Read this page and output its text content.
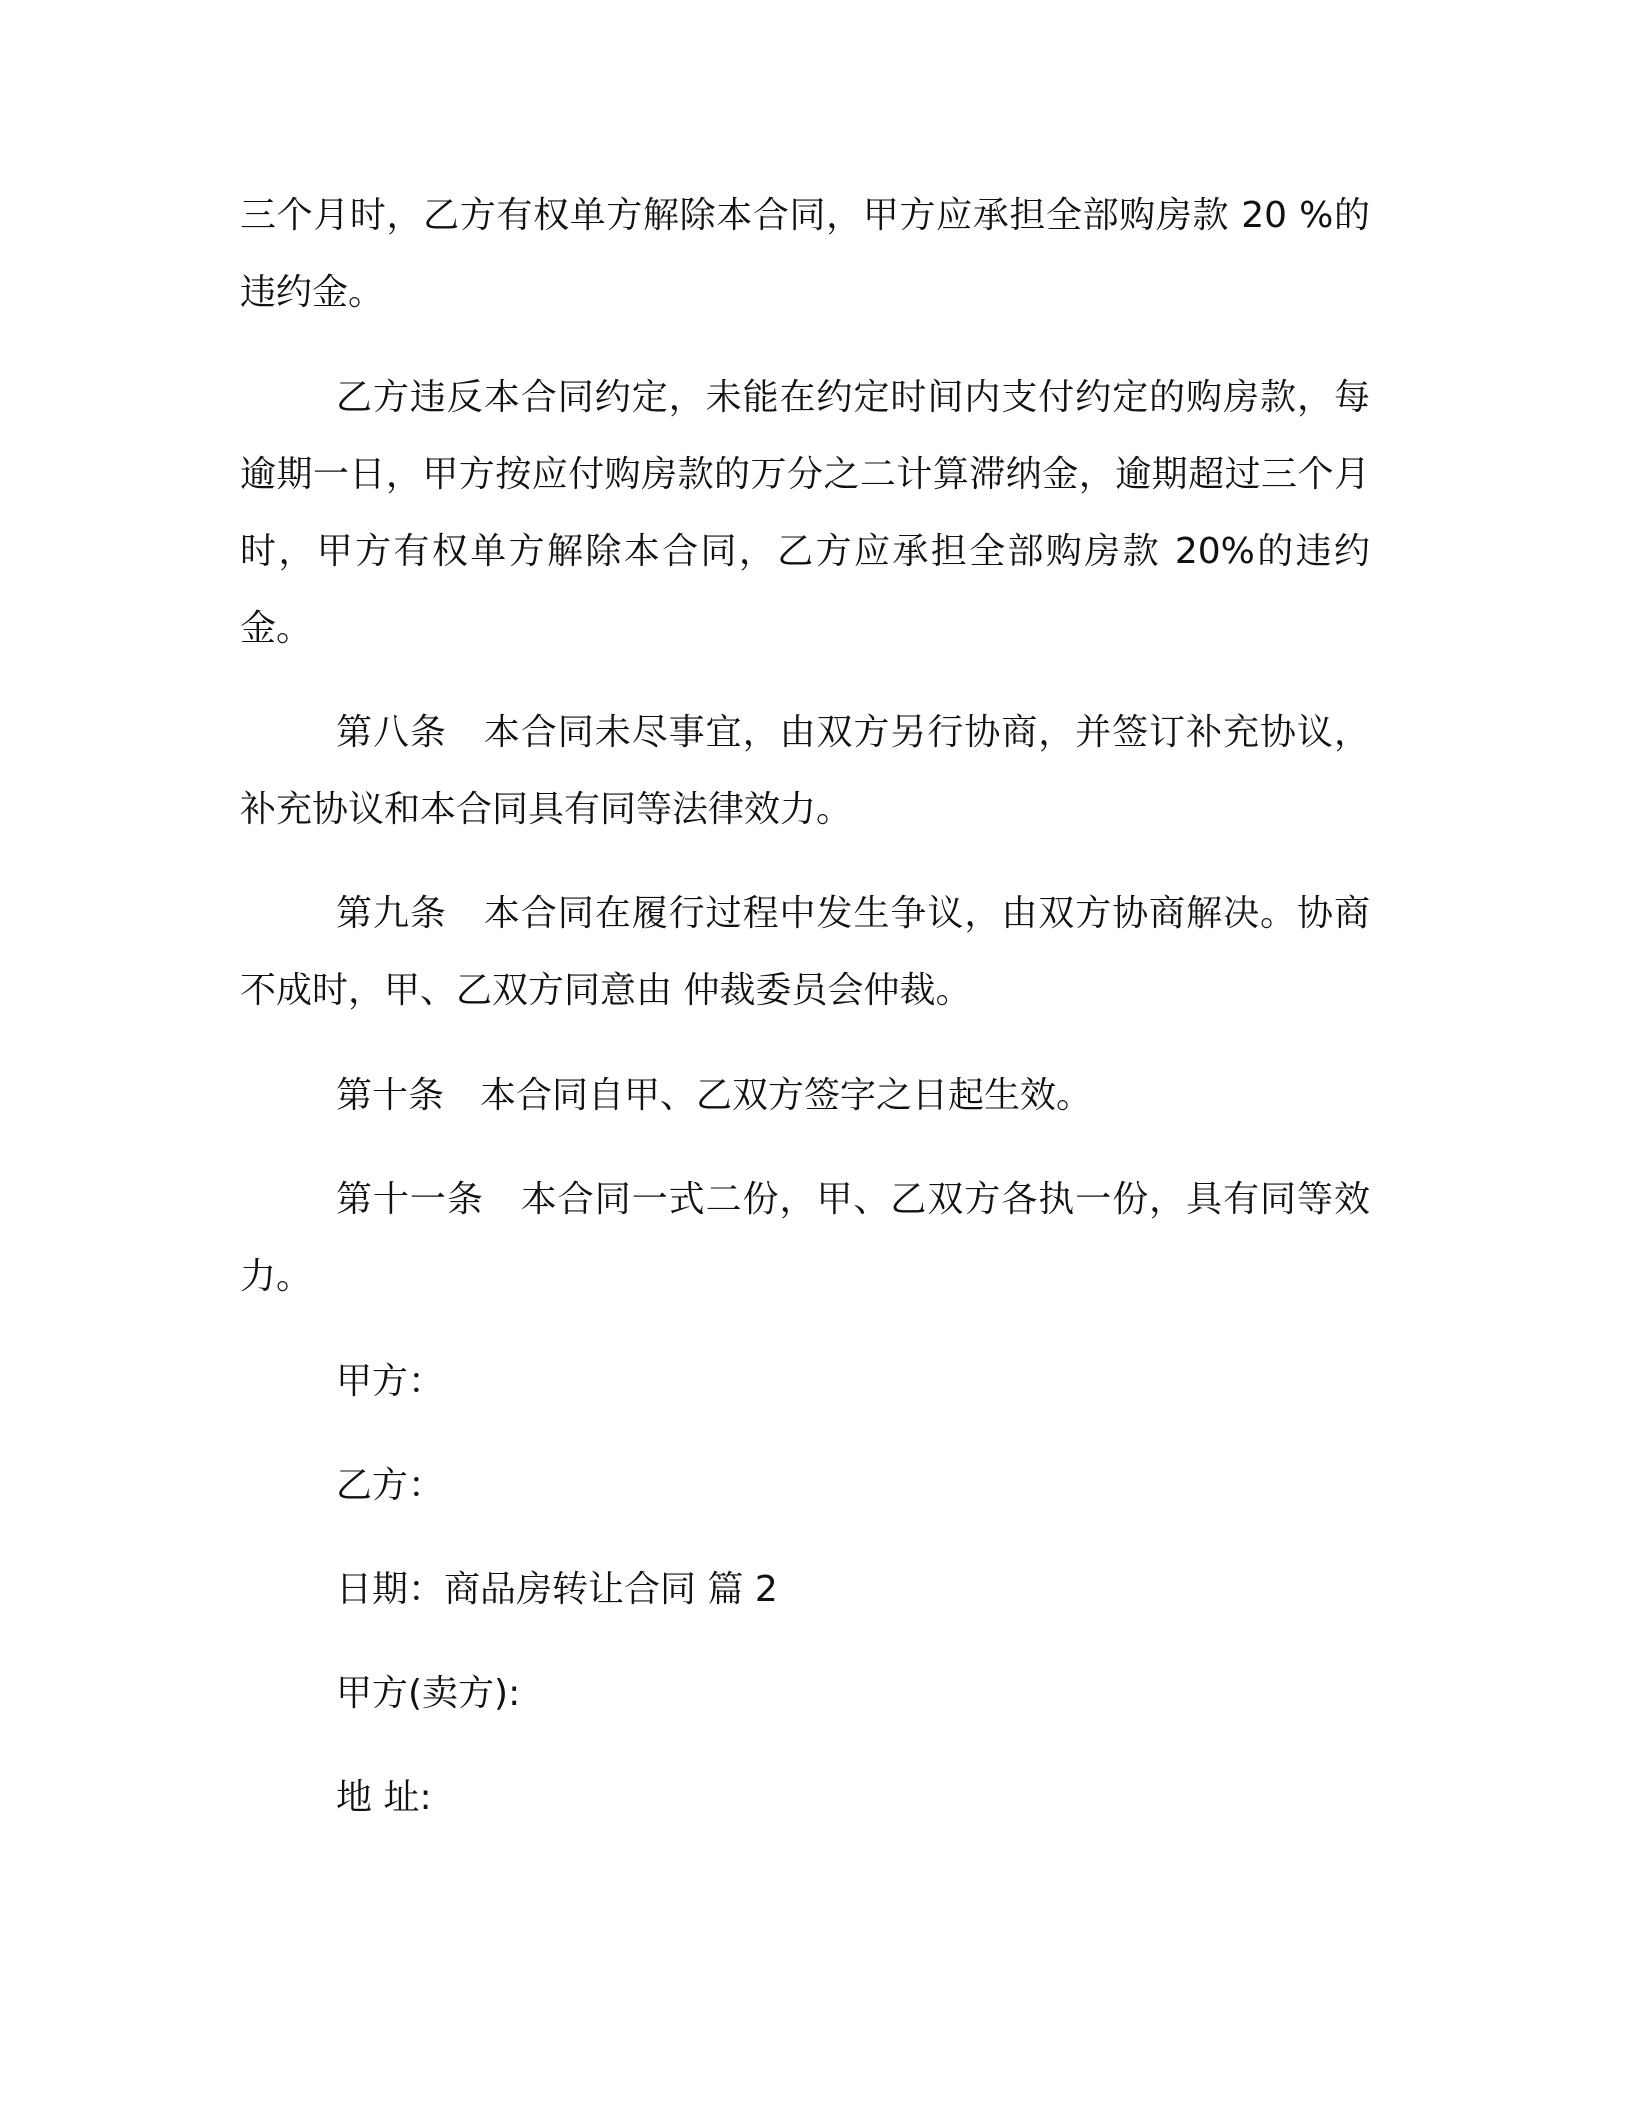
三个月时，乙方有权单方解除本合同，甲方应承担全部购房款 20 %的违约金。

乙方违反本合同约定，未能在约定时间内支付约定的购房款，每逾期一日，甲方按应付购房款的万分之二计算滞纳金，逾期超过三个月时，甲方有权单方解除本合同，乙方应承担全部购房款 20%的违约金。

第八条　本合同未尽事宜，由双方另行协商，并签订补充协议，补充协议和本合同具有同等法律效力。

第九条　本合同在履行过程中发生争议，由双方协商解决。协商不成时，甲、乙双方同意由 仲裁委员会仲裁。

第十条　本合同自甲、乙双方签字之日起生效。

第十一条　本合同一式二份，甲、乙双方各执一份，具有同等效力。

甲方：

乙方：

日期：商品房转让合同 篇 2

甲方(卖方):

地 址:
